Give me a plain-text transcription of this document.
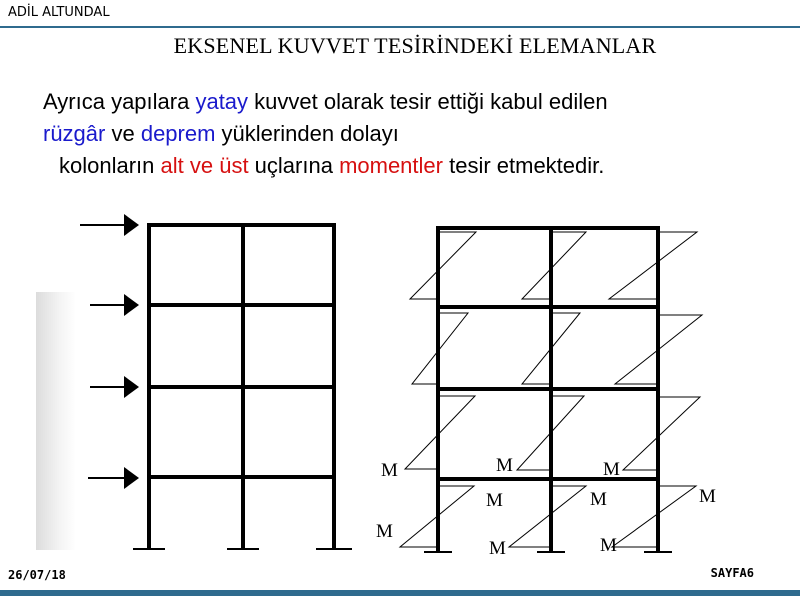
ADİL ALTUNDAL
EKSENEL KUVVET TESİRİNDEKİ ELEMANLAR
Ayrıca yapılara yatay kuvvet olarak tesir ettiği kabul edilen
rüzgâr ve deprem yüklerinden dolayı
kolonların alt ve üst uçlarına momentler tesir etmektedir.
M	M	M
M	M	M
M
M	M
26/07/18	SAYFA6
